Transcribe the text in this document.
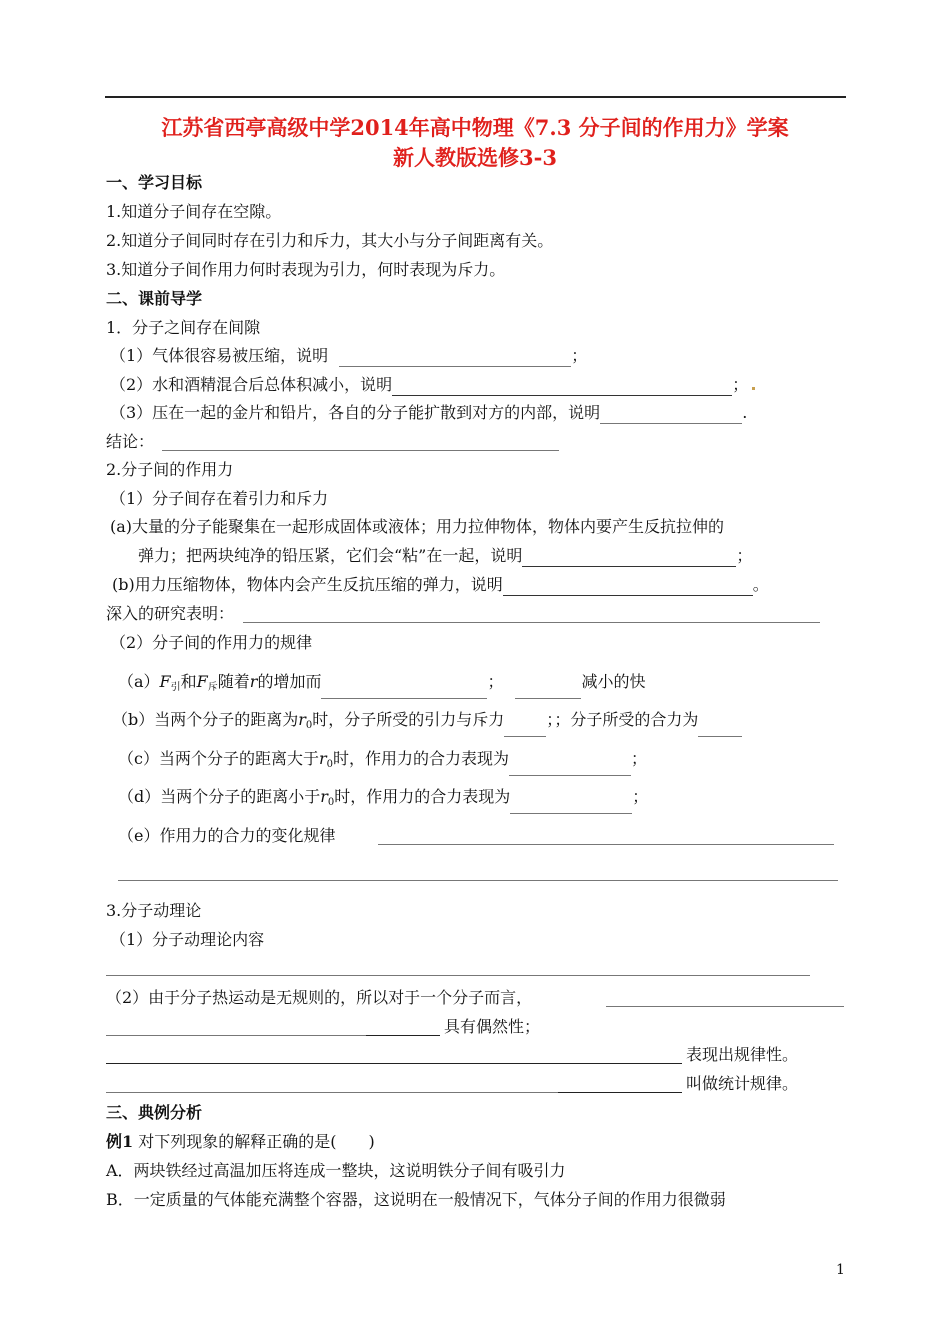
江苏省西亭高级中学2014年高中物理《7.3 分子间的作用力》学案
新人教版选修3-3
一、学习目标
1.知道分子间存在空隙。
2.知道分子间同时存在引力和斥力，其大小与分子间距离有关。
3.知道分子间作用力何时表现为引力，何时表现为斥力。
二、课前导学
1．分子之间存在间隙
（1）气体很容易被压缩，说明	；
（2）水和酒精混合后总体积减小，说明	；
（3）压在一起的金片和铅片，各自的分子能扩散到对方的内部，说明	.
结论：
2.分子间的作用力
（1）分子间存在着引力和斥力
(a)大量的分子能聚集在一起形成固体或液体；用力拉伸物体，物体内要产生反抗拉伸的
弹力；把两块纯净的铅压紧，它们会“粘”在一起，说明	；
(b)用力压缩物体，物体内会产生反抗压缩的弹力，说明	。
深入的研究表明：
（2）分子间的作用力的规律
$(a)F_引$和$F_斥$随着r的增加而	；	减小的快
（b）当两个分子的距离为$r_0$时，分子所受的引力与斥力	；；分子所受的合力为
（c）当两个分子的距离大于$r_0$时，作用力的合力表现为	；
（d）当两个分子的距离小于$r_0$时，作用力的合力表现为	；
（e）作用力的合力的变化规律
3.分子动理论
（1）分子动理论内容
（2）由于分子热运动是无规则的，所以对于一个分子而言，
具有偶然性；
表现出规律性。
叫做统计规律。
三、典例分析
例1 对下列现象的解释正确的是(　　)
A．两块铁经过高温加压将连成一整块，这说明铁分子间有吸引力
B．一定质量的气体能充满整个容器，这说明在一般情况下，气体分子间的作用力很微弱
1
